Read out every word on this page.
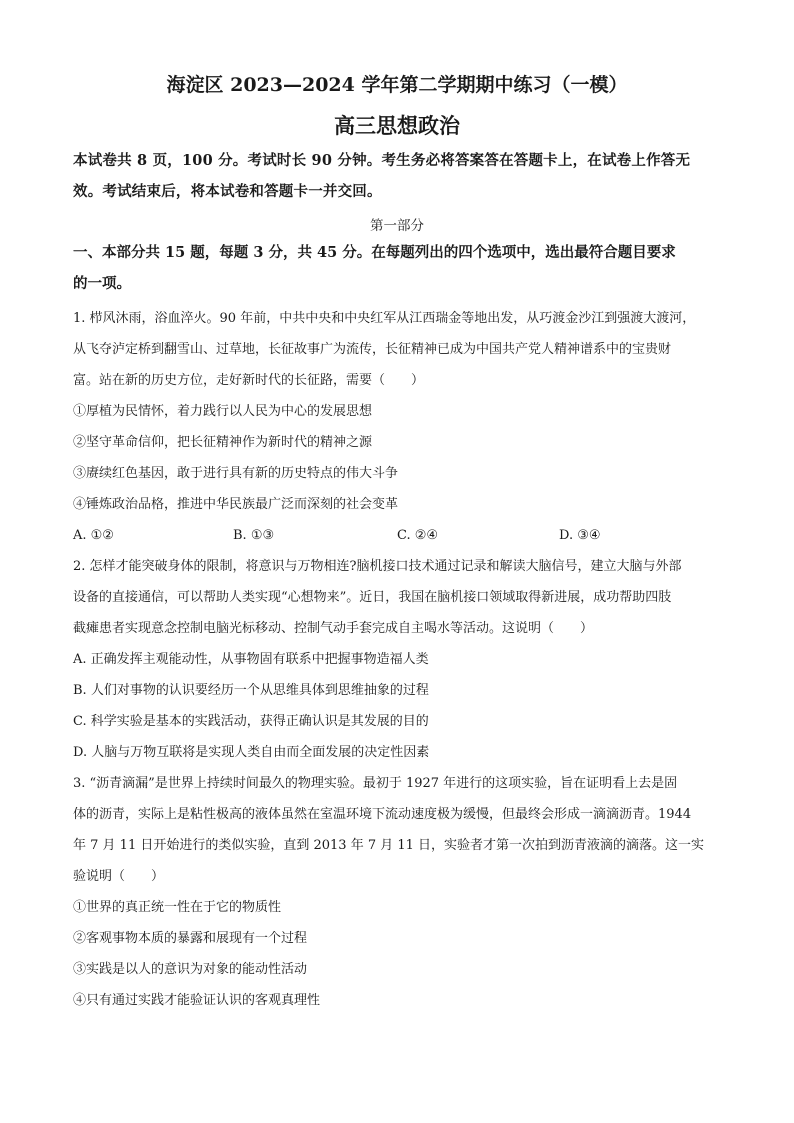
海淀区 2023—2024 学年第二学期期中练习（一模）
高三思想政治
本试卷共 8 页，100 分。考试时长 90 分钟。考生务必将答案答在答题卡上，在试卷上作答无
效。考试结束后，将本试卷和答题卡一并交回。
第一部分
一、本部分共 15 题，每题 3 分，共 45 分。在每题列出的四个选项中，选出最符合题目要求
的一项。
1. 栉风沐雨，浴血淬火。90 年前，中共中央和中央红军从江西瑞金等地出发，从巧渡金沙江到强渡大渡河，
从飞夺泸定桥到翻雪山、过草地，长征故事广为流传，长征精神已成为中国共产党人精神谱系中的宝贵财
富。站在新的历史方位，走好新时代的长征路，需要（　　）
①厚植为民情怀，着力践行以人民为中心的发展思想
②坚守革命信仰，把长征精神作为新时代的精神之源
③赓续红色基因，敢于进行具有新的历史特点的伟大斗争
④锤炼政治品格，推进中华民族最广泛而深刻的社会变革
A. ①②	B. ①③	C. ②④	D. ③④
2. 怎样才能突破身体的限制，将意识与万物相连?脑机接口技术通过记录和解读大脑信号，建立大脑与外部
设备的直接通信，可以帮助人类实现“心想物来”。近日，我国在脑机接口领域取得新进展，成功帮助四肢
截瘫患者实现意念控制电脑光标移动、控制气动手套完成自主喝水等活动。这说明（　　）
A. 正确发挥主观能动性，从事物固有联系中把握事物造福人类
B. 人们对事物的认识要经历一个从思维具体到思维抽象的过程
C. 科学实验是基本的实践活动，获得正确认识是其发展的目的
D. 人脑与万物互联将是实现人类自由而全面发展的决定性因素
3. “沥青滴漏”是世界上持续时间最久的物理实验。最初于 1927 年进行的这项实验，旨在证明看上去是固
体的沥青，实际上是粘性极高的液体虽然在室温环境下流动速度极为缓慢，但最终会形成一滴滴沥青。1944
年 7 月 11 日开始进行的类似实验，直到 2013 年 7 月 11 日，实验者才第一次拍到沥青液滴的滴落。这一实
验说明（　　）
①世界的真正统一性在于它的物质性
②客观事物本质的暴露和展现有一个过程
③实践是以人的意识为对象的能动性活动
④只有通过实践才能验证认识的客观真理性
